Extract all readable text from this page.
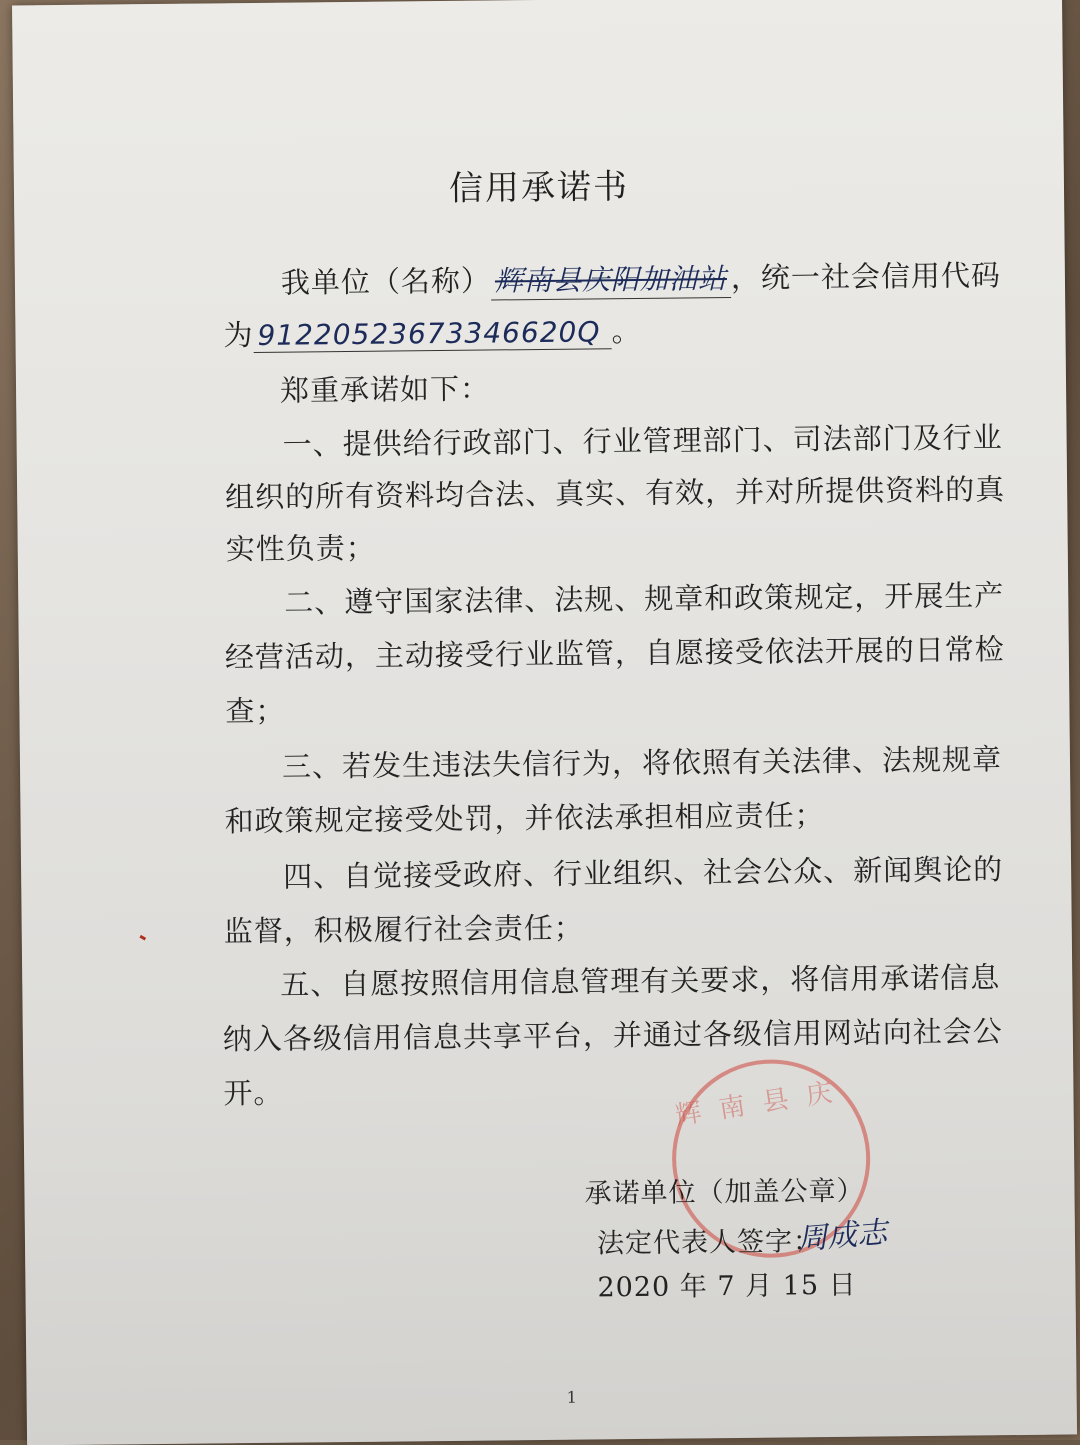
信用承诺书
我单位（名称） 辉南县庆阳加油站 ，统一社会信用代码
为 91220523673346620Q 。
郑重承诺如下：
一、提供给行政部门、行业管理部门、司法部门及行业
组织的所有资料均合法、真实、有效，并对所提供资料的真
实性负责；
二、遵守国家法律、法规、规章和政策规定，开展生产
经营活动，主动接受行业监管，自愿接受依法开展的日常检
查；
三、若发生违法失信行为，将依照有关法律、法规规章
和政策规定接受处罚，并依法承担相应责任；
四、自觉接受政府、行业组织、社会公众、新闻舆论的
监督，积极履行社会责任；
五、自愿按照信用信息管理有关要求，将信用承诺信息
纳入各级信用信息共享平台，并通过各级信用网站向社会公
开。	辉南县庆
承诺单位（加盖公章）
法定代表人签字：
周成志
2020 年 7 月 15 日
1
